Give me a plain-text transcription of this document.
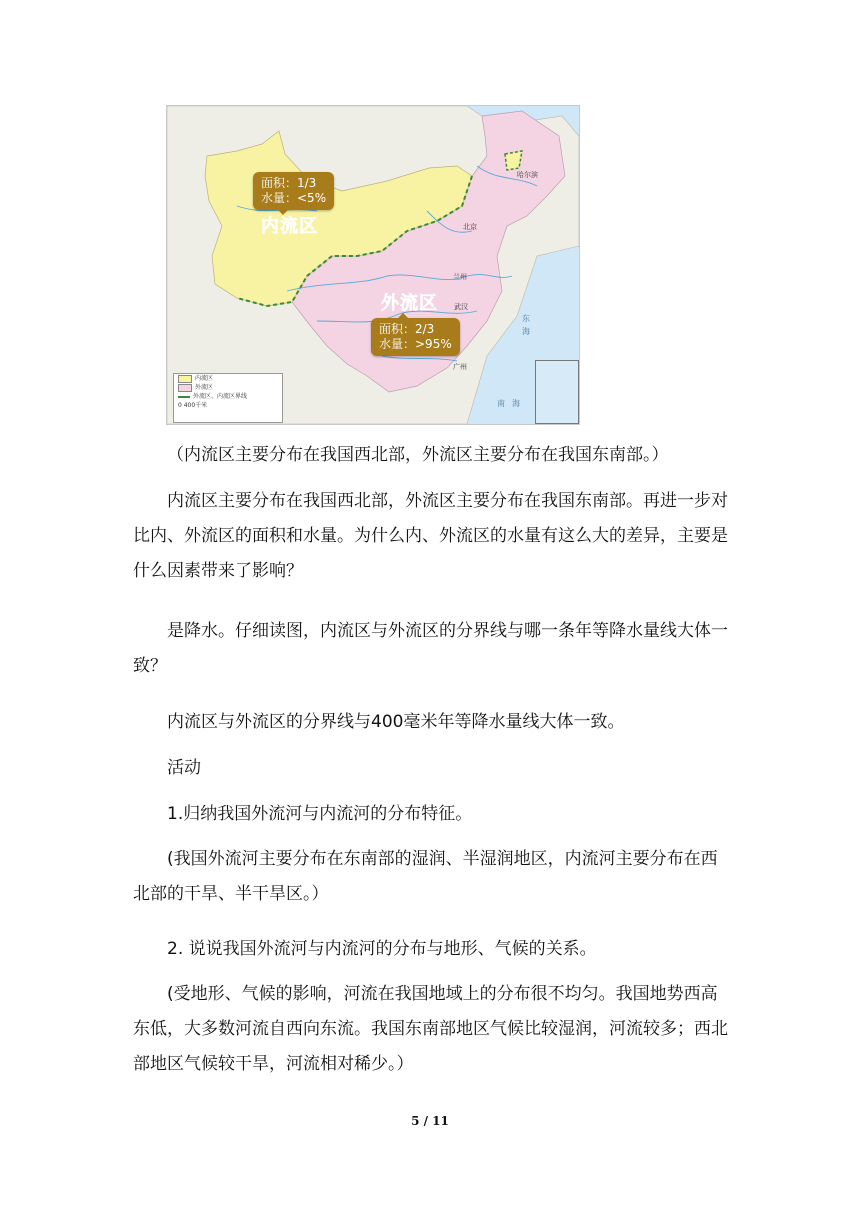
东
海
南 海
北京
武汉
哈尔滨
兰州
广州
面积：1/3
水量：<5%
内流区
外流区
面积：2/3
水量：>95%
内流区
外流区
外流区、内流区界线
0 400千米
（内流区主要分布在我国西北部，外流区主要分布在我国东南部。）
内流区主要分布在我国西北部，外流区主要分布在我国东南部。再进一步对比内、外流区的面积和水量。为什么内、外流区的水量有这么大的差异，主要是什么因素带来了影响？
是降水。仔细读图，内流区与外流区的分界线与哪一条年等降水量线大体一致？
内流区与外流区的分界线与400毫米年等降水量线大体一致。
活动
1.归纳我国外流河与内流河的分布特征。
(我国外流河主要分布在东南部的湿润、半湿润地区，内流河主要分布在西北部的干旱、半干旱区。）
2. 说说我国外流河与内流河的分布与地形、气候的关系。
(受地形、气候的影响，河流在我国地域上的分布很不均匀。我国地势西高东低，大多数河流自西向东流。我国东南部地区气候比较湿润，河流较多；西北部地区气候较干旱，河流相对稀少。）
5 / 11
